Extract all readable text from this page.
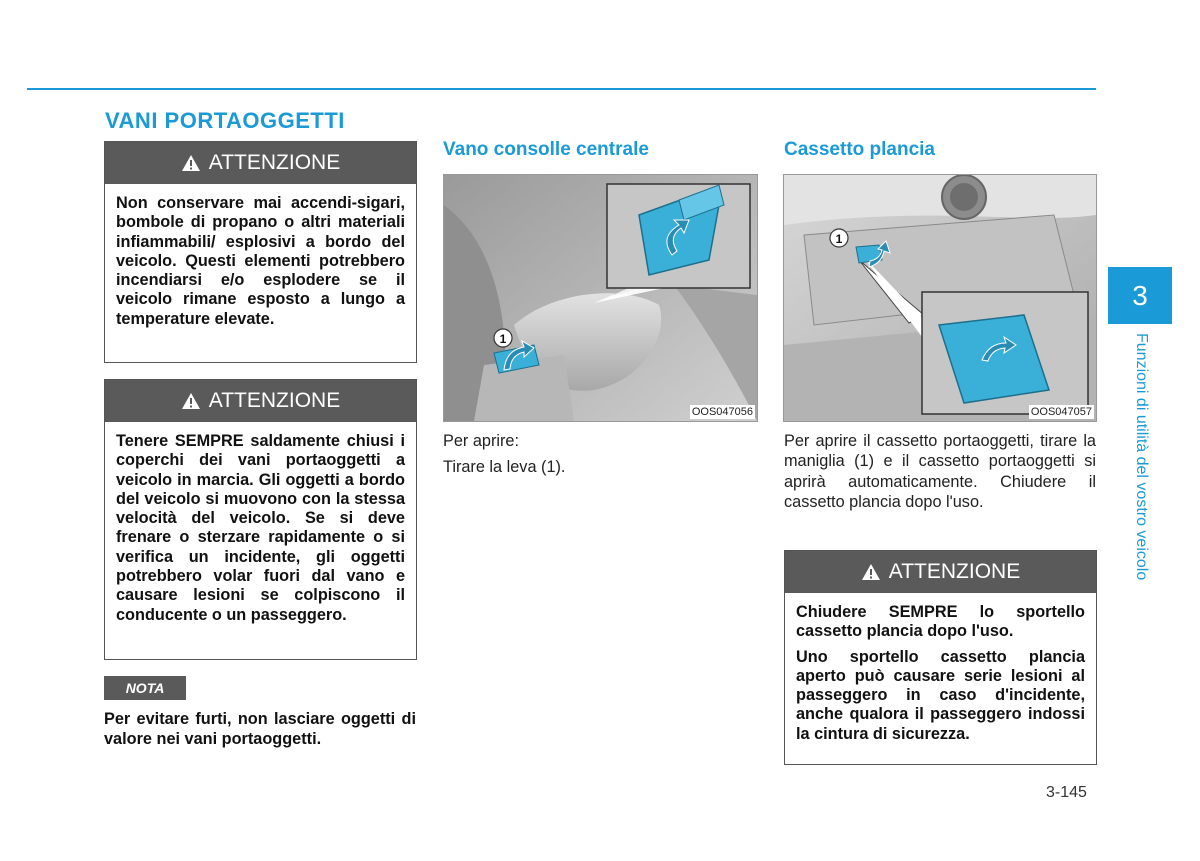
VANI PORTAOGGETTI
ATTENZIONE
Non conservare mai accendi-sigari, bombole di propano o altri materiali infiammabili/ esplosivi a bordo del veicolo. Questi elementi potrebbero incendiarsi e/o esplodere se il veicolo rimane esposto a lungo a temperature elevate.
ATTENZIONE
Tenere SEMPRE saldamente chiusi i coperchi dei vani portaoggetti a veicolo in marcia. Gli oggetti a bordo del veicolo si muovono con la stessa velocità del veicolo. Se si deve frenare o sterzare rapidamente o si verifica un incidente, gli oggetti potrebbero volar fuori dal vano e causare lesioni se colpiscono il conducente o un passeggero.
NOTA
Per evitare furti, non lasciare oggetti di valore nei vani portaoggetti.
Vano consolle centrale
1
OOS047056

Per aprire:

Tirare la leva (1).

Cassetto plancia
1
OOS047057
Per aprire il cassetto portaoggetti, tirare la maniglia (1) e il cassetto portaoggetti si aprirà automaticamente. Chiudere il cassetto plancia dopo l'uso.
ATTENZIONE

Chiudere SEMPRE lo sportello cassetto plancia dopo l'uso.

Uno sportello cassetto plancia aperto può causare serie lesioni al passeggero in caso d'incidente, anche qualora il passeggero indossi la cintura di sicurezza.

3
Funzioni di utilità del vostro veicolo
3-145
